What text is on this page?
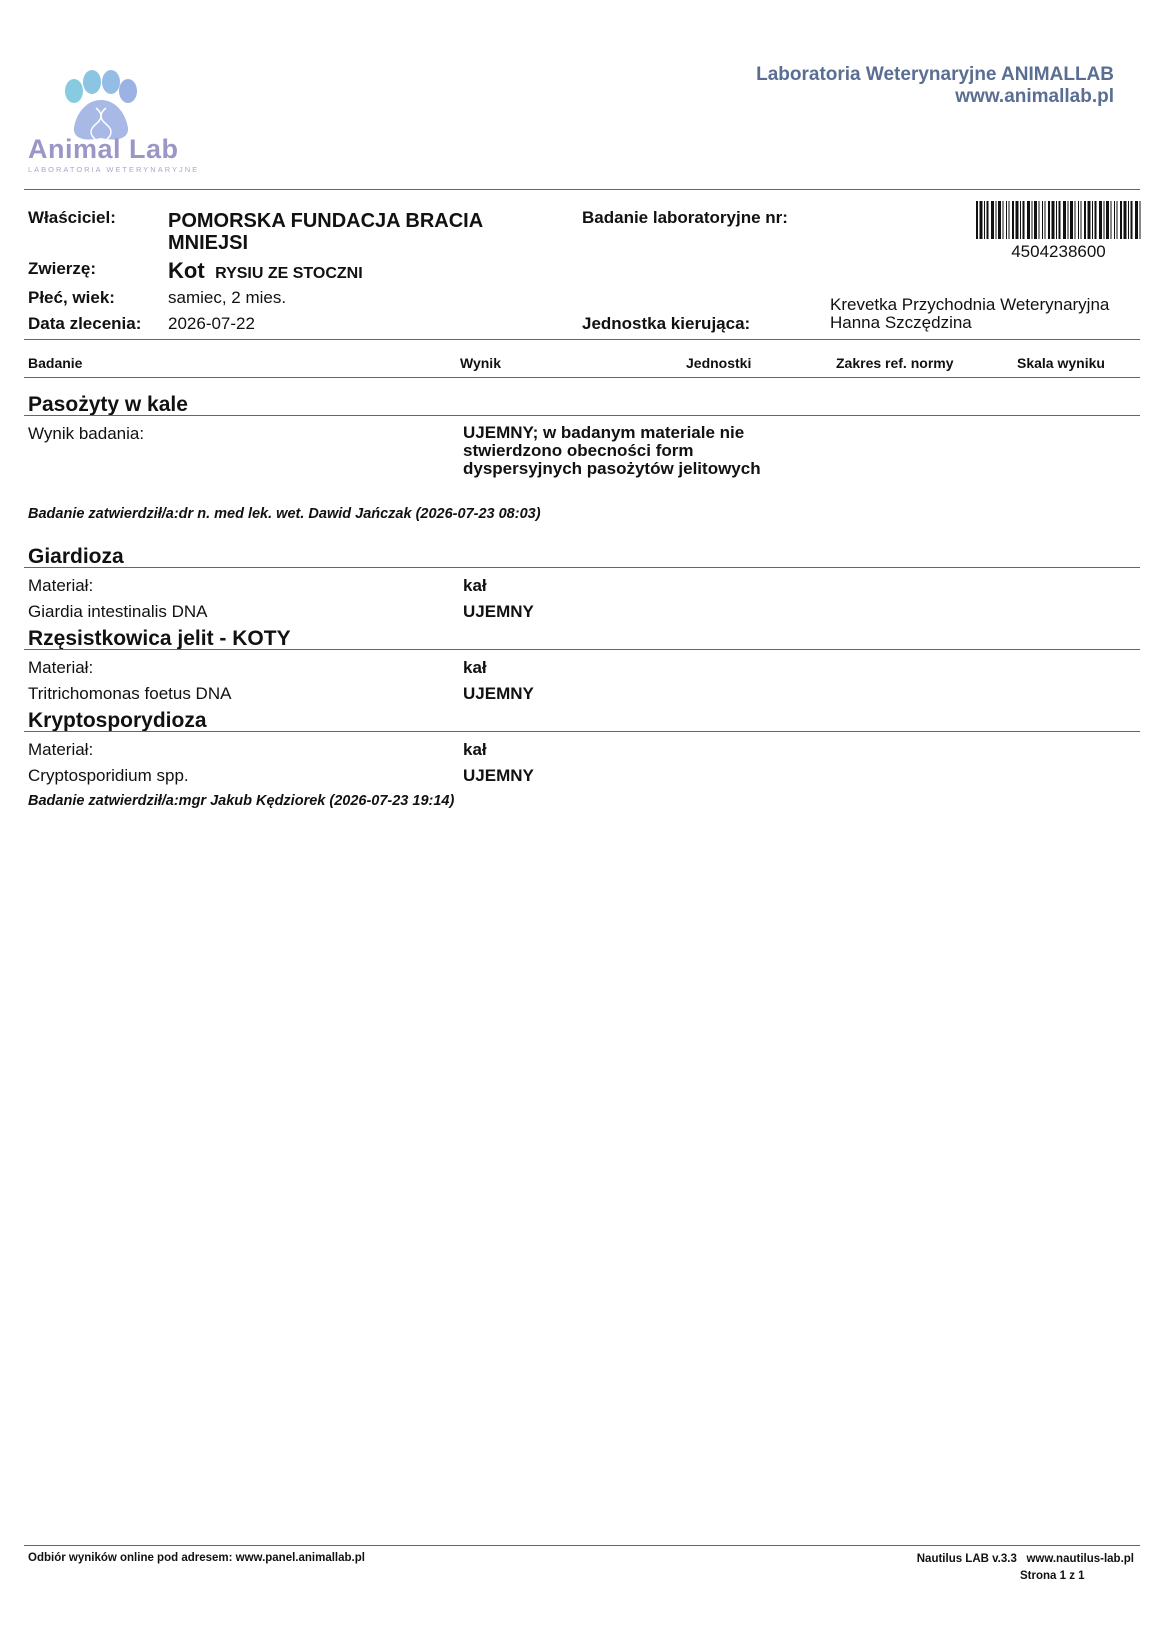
Animal Lab
LABORATORIA WETERYNARYJNE
Laboratoria Weterynaryjne ANIMALLAB
www.animallab.pl
Właściciel:	POMORSKA FUNDACJA BRACIA MNIEJSI
Badanie laboratoryjne nr:
4504238600
Zwierzę:	Kot RYSIU ZE STOCZNI
Płeć, wiek:	samiec, 2 mies.
Data zlecenia: 2026-07-22	Jednostka kierująca:
Krevetka Przychodnia Weterynaryjna
Hanna Szczędzina
Badanie	Wynik	Jednostki	Zakres ref. normy	Skala wyniku
Pasożyty w kale
Wynik badania:	UJEMNY; w badanym materiale nie stwierdzono obecności form dyspersyjnych pasożytów jelitowych
Badanie zatwierdził/a:dr n. med lek. wet. Dawid Jańczak (2026-07-23 08:03)
Giardioza
Materiał:	kał
Giardia intestinalis DNA	UJEMNY
Rzęsistkowica jelit - KOTY
Materiał:	kał
Tritrichomonas foetus DNA	UJEMNY
Kryptosporydioza
Materiał:	kał
Cryptosporidium spp.	UJEMNY
Badanie zatwierdził/a:mgr Jakub Kędziorek (2026-07-23 19:14)
Odbiór wyników online pod adresem: www.panel.animallab.pl	Nautilus LAB v.3.3   www.nautilus-lab.pl
Strona 1 z 1
